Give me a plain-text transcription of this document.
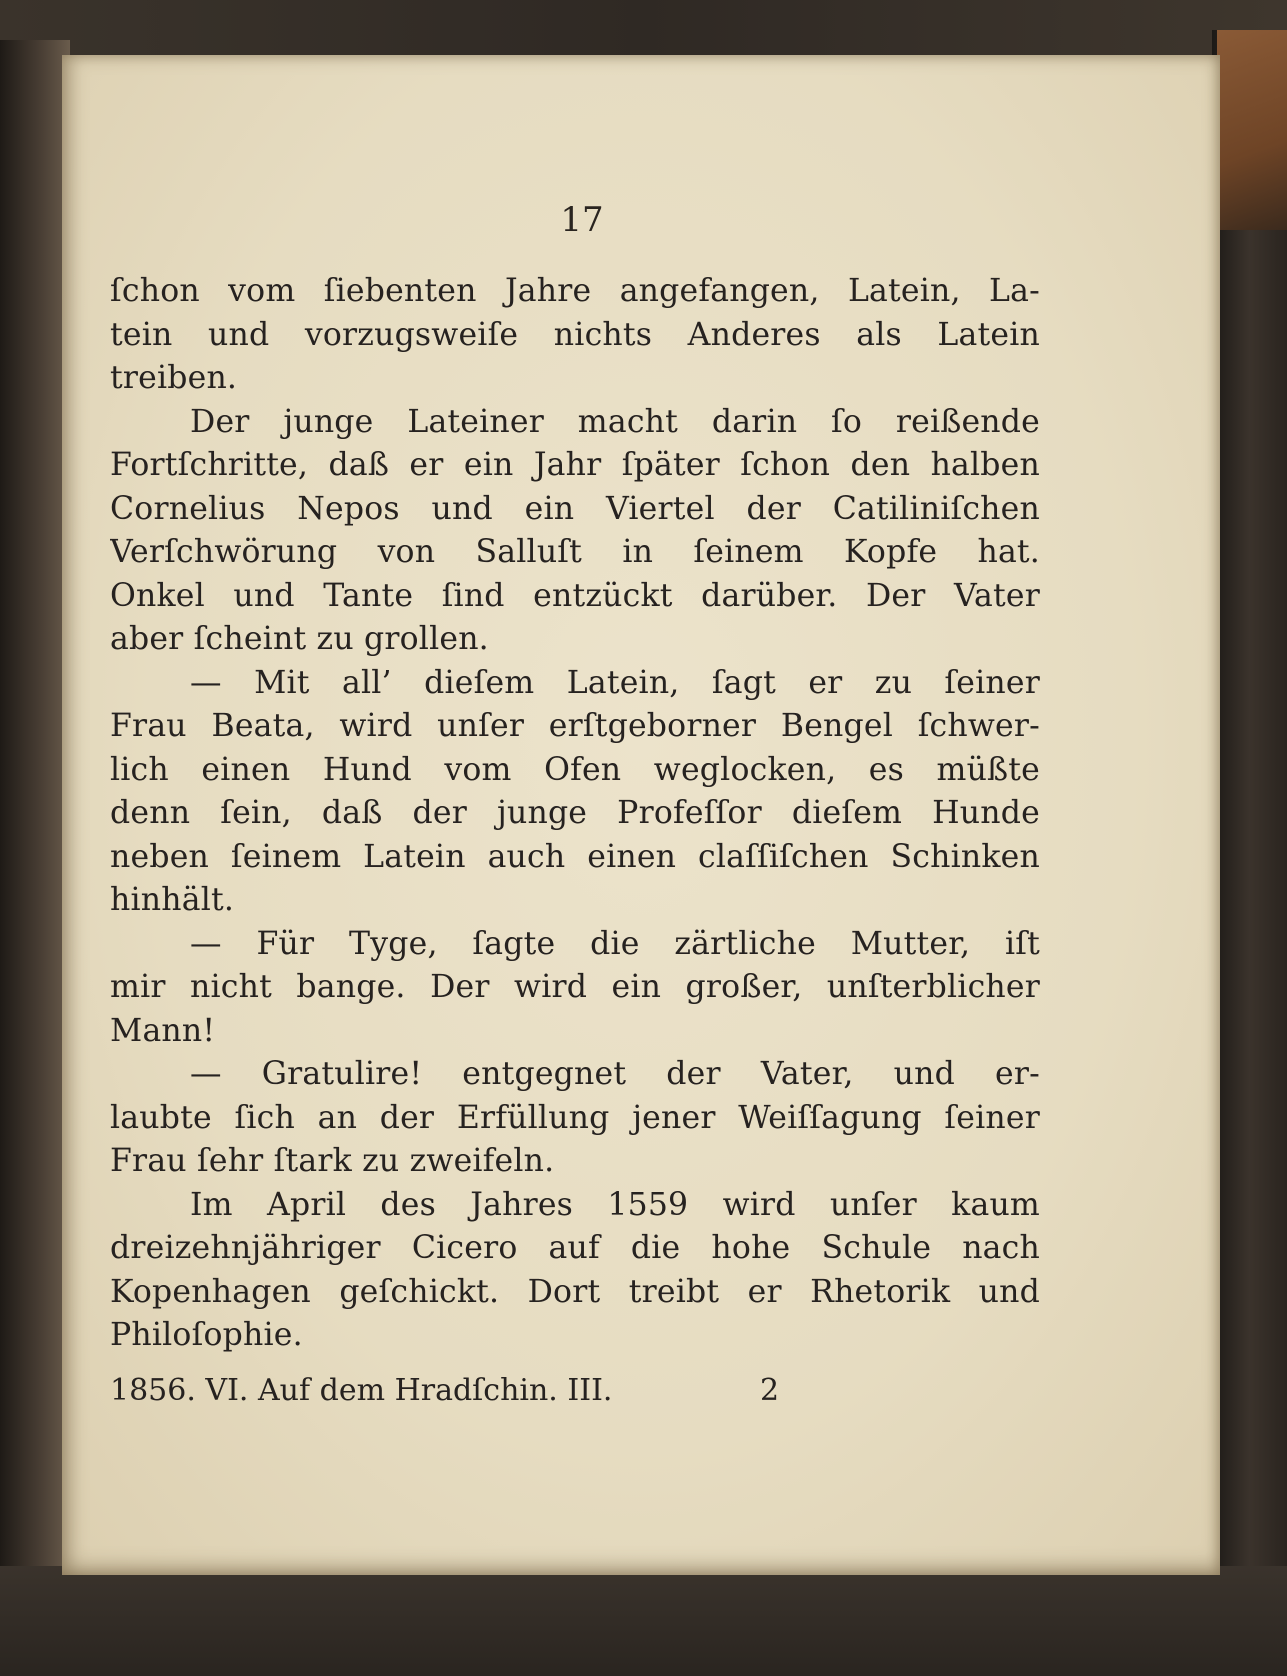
17
ſchon vom ſiebenten Jahre angefangen, Latein, La-
tein und vorzugsweiſe nichts Anderes als Latein
treiben.
Der junge Lateiner macht darin ſo reißende
Fortſchritte, daß er ein Jahr ſpäter ſchon den halben
Cornelius Nepos und ein Viertel der Catiliniſchen
Verſchwörung von Salluſt in ſeinem Kopfe hat.
Onkel und Tante ſind entzückt darüber. Der Vater
aber ſcheint zu grollen.
— Mit all’ dieſem Latein, ſagt er zu ſeiner
Frau Beata, wird unſer erſtgeborner Bengel ſchwer-
lich einen Hund vom Ofen weglocken, es müßte
denn ſein, daß der junge Profeſſor dieſem Hunde
neben ſeinem Latein auch einen claſſiſchen Schinken
hinhält.
— Für Tyge, ſagte die zärtliche Mutter, iſt
mir nicht bange. Der wird ein großer, unſterblicher
Mann!
— Gratulire! entgegnet der Vater, und er-
laubte ſich an der Erfüllung jener Weiſſagung ſeiner
Frau ſehr ſtark zu zweifeln.
Im April des Jahres 1559 wird unſer kaum
dreizehnjähriger Cicero auf die hohe Schule nach
Kopenhagen geſchickt. Dort treibt er Rhetorik und
Philoſophie.
1856. VI. Auf dem Hradſchin. III.	2
